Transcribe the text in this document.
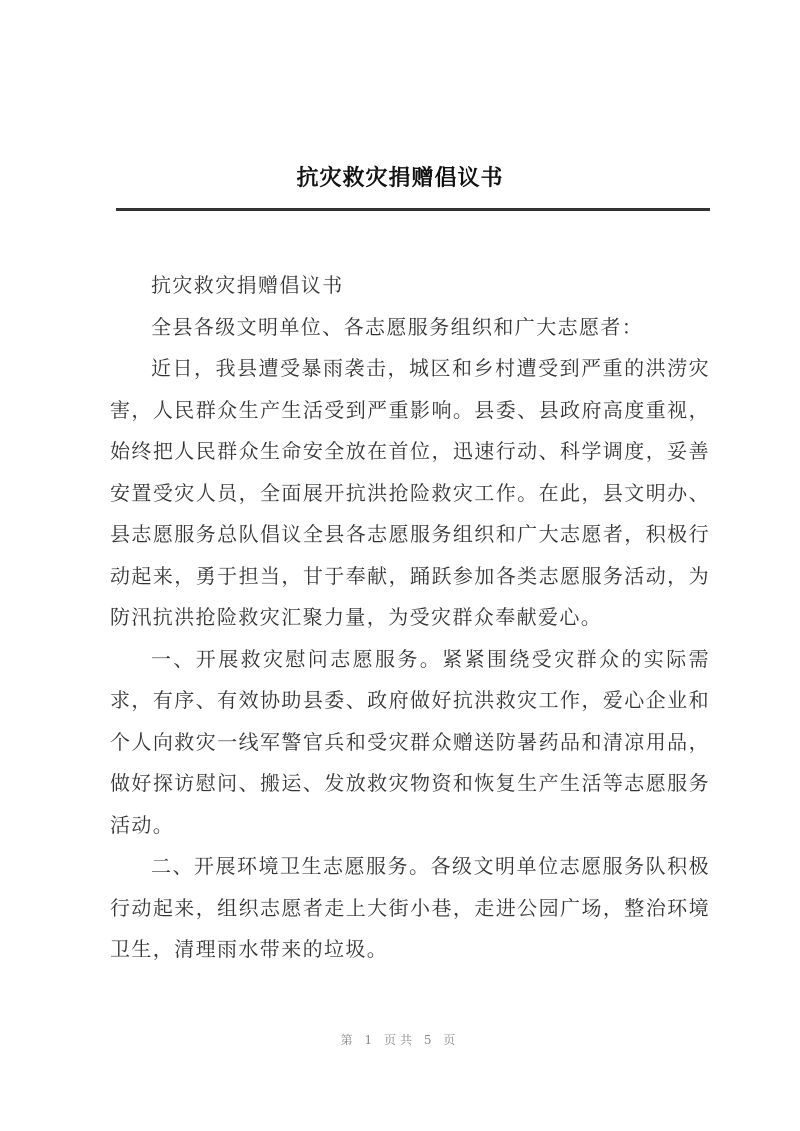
抗灾救灾捐赠倡议书

抗灾救灾捐赠倡议书

全县各级文明单位、各志愿服务组织和广大志愿者：

近日，我县遭受暴雨袭击，城区和乡村遭受到严重的洪涝灾害，人民群众生产生活受到严重影响。县委、县政府高度重视，始终把人民群众生命安全放在首位，迅速行动、科学调度，妥善安置受灾人员，全面展开抗洪抢险救灾工作。在此，县文明办、县志愿服务总队倡议全县各志愿服务组织和广大志愿者，积极行动起来，勇于担当，甘于奉献，踊跃参加各类志愿服务活动，为防汛抗洪抢险救灾汇聚力量，为受灾群众奉献爱心。

一、开展救灾慰问志愿服务。紧紧围绕受灾群众的实际需求，有序、有效协助县委、政府做好抗洪救灾工作，爱心企业和个人向救灾一线军警官兵和受灾群众赠送防暑药品和清凉用品，做好探访慰问、搬运、发放救灾物资和恢复生产生活等志愿服务活动。

二、开展环境卫生志愿服务。各级文明单位志愿服务队积极行动起来，组织志愿者走上大街小巷，走进公园广场，整治环境卫生，清理雨水带来的垃圾。

第 1 页共 5 页
